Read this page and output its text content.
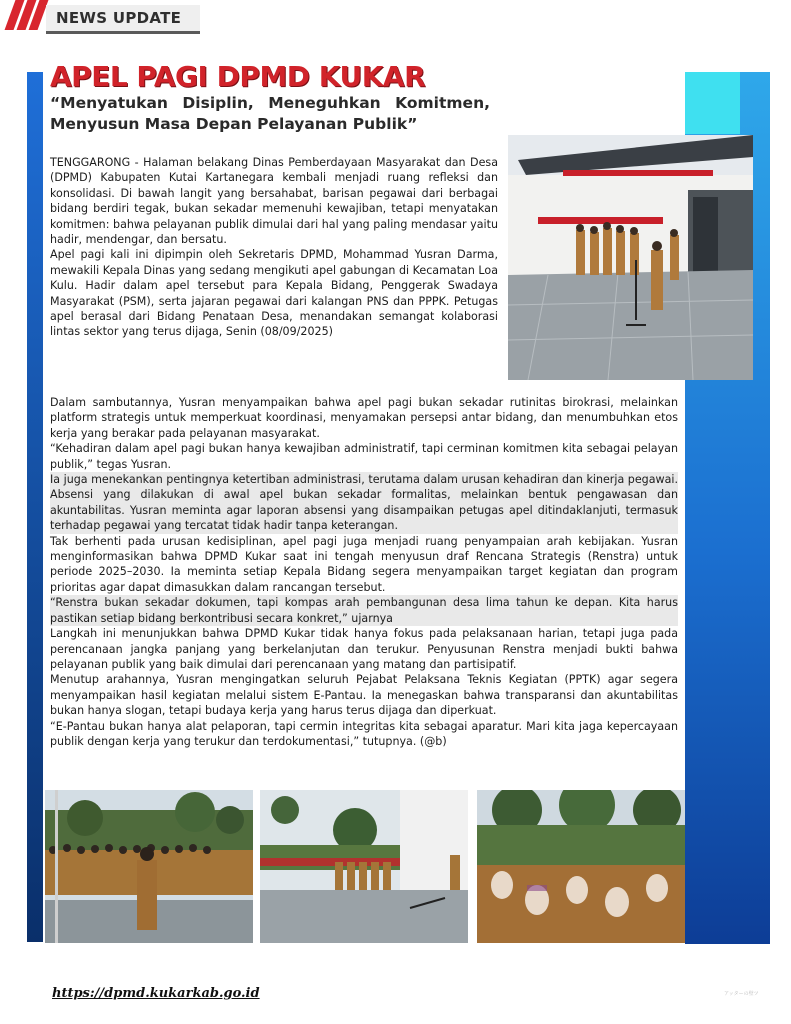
NEWS UPDATE
APEL PAGI DPMD KUKAR

“Menyatukan Disiplin, Meneguhkan Komitmen, Menyusun Masa Depan Pelayanan Publik”

TENGGARONG - Halaman belakang Dinas Pemberdayaan Masyarakat dan Desa (DPMD) Kabupaten Kutai Kartanegara kembali menjadi ruang refleksi dan konsolidasi. Di bawah langit yang bersahabat, barisan pegawai dari berbagai bidang berdiri tegak, bukan sekadar memenuhi kewajiban, tetapi menyatakan komitmen: bahwa pelayanan publik dimulai dari hal yang paling mendasar yaitu hadir, mendengar, dan bersatu.

Apel pagi kali ini dipimpin oleh Sekretaris DPMD, Mohammad Yusran Darma, mewakili Kepala Dinas yang sedang mengikuti apel gabungan di Kecamatan Loa Kulu. Hadir dalam apel tersebut para Kepala Bidang, Penggerak Swadaya Masyarakat (PSM), serta jajaran pegawai dari kalangan PNS dan PPPK. Petugas apel berasal dari Bidang Penataan Desa, menandakan semangat kolaborasi lintas sektor yang terus dijaga, Senin (08/09/2025)

Dalam sambutannya, Yusran menyampaikan bahwa apel pagi bukan sekadar rutinitas birokrasi, melainkan platform strategis untuk memperkuat koordinasi, menyamakan persepsi antar bidang, dan menumbuhkan etos kerja yang berakar pada pelayanan masyarakat.

“Kehadiran dalam apel pagi bukan hanya kewajiban administratif, tapi cerminan komitmen kita sebagai pelayan publik,” tegas Yusran.

Ia juga menekankan pentingnya ketertiban administrasi, terutama dalam urusan kehadiran dan kinerja pegawai. Absensi yang dilakukan di awal apel bukan sekadar formalitas, melainkan bentuk pengawasan dan akuntabilitas. Yusran meminta agar laporan absensi yang disampaikan petugas apel ditindaklanjuti, termasuk terhadap pegawai yang tercatat tidak hadir tanpa keterangan.

Tak berhenti pada urusan kedisiplinan, apel pagi juga menjadi ruang penyampaian arah kebijakan. Yusran menginformasikan bahwa DPMD Kukar saat ini tengah menyusun draf Rencana Strategis (Renstra) untuk periode 2025–2030. Ia meminta setiap Kepala Bidang segera menyampaikan target kegiatan dan program prioritas agar dapat dimasukkan dalam rancangan tersebut.

“Renstra bukan sekadar dokumen, tapi kompas arah pembangunan desa lima tahun ke depan. Kita harus pastikan setiap bidang berkontribusi secara konkret,” ujarnya

Langkah ini menunjukkan bahwa DPMD Kukar tidak hanya fokus pada pelaksanaan harian, tetapi juga pada perencanaan jangka panjang yang berkelanjutan dan terukur. Penyusunan Renstra menjadi bukti bahwa pelayanan publik yang baik dimulai dari perencanaan yang matang dan partisipatif.

Menutup arahannya, Yusran mengingatkan seluruh Pejabat Pelaksana Teknis Kegiatan (PPTK) agar segera menyampaikan hasil kegiatan melalui sistem E-Pantau. Ia menegaskan bahwa transparansi dan akuntabilitas bukan hanya slogan, tetapi budaya kerja yang harus terus dijaga dan diperkuat.

“E-Pantau bukan hanya alat pelaporan, tapi cermin integritas kita sebagai aparatur. Mari kita jaga kepercayaan publik dengan kerja yang terukur dan terdokumentasi,” tutupnya. (@b)

https://dpmd.kukarkab.go.id	アッターの壁ツ
